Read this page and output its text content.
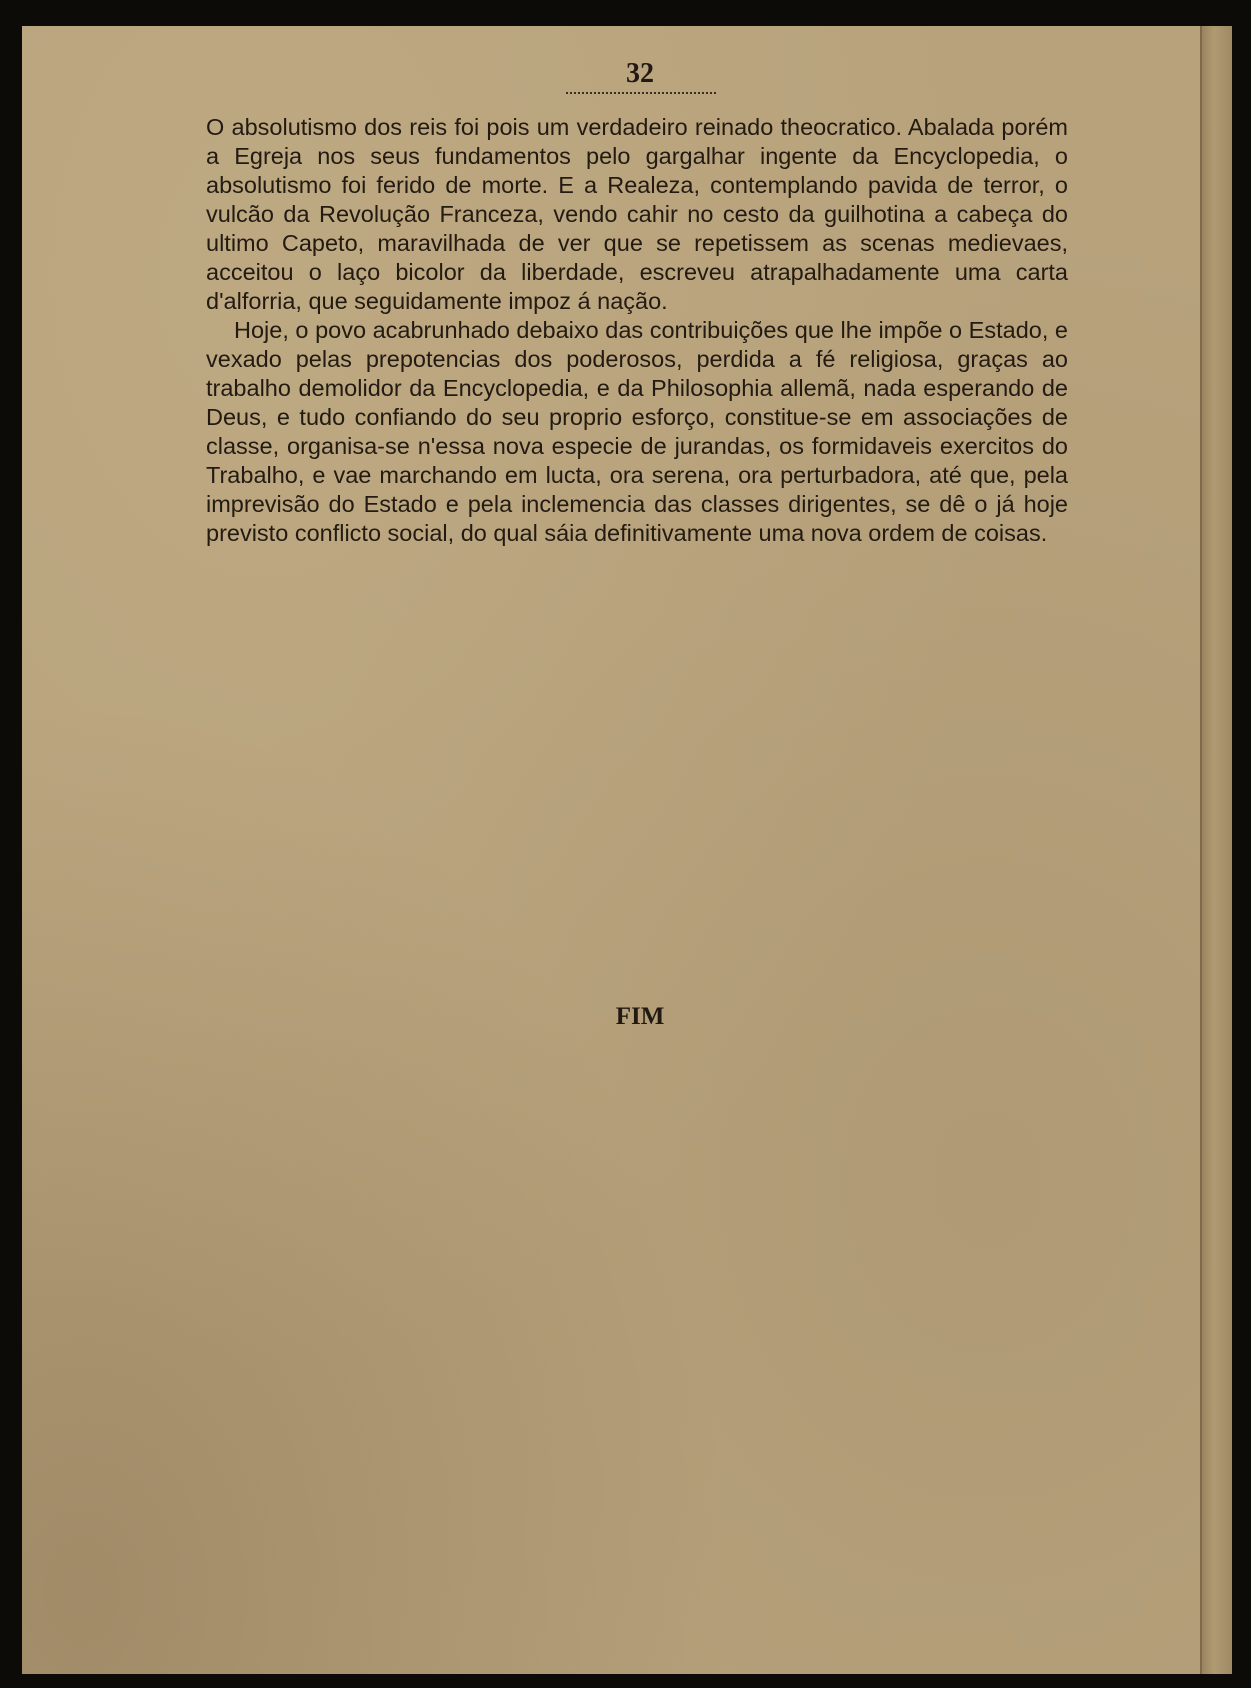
32

O absolutismo dos reis foi pois um verdadeiro reinado theocratico. Abalada porém a Egreja nos seus fundamentos pelo gargalhar ingente da Encyclopedia, o absolutismo foi ferido de morte. E a Realeza, contemplando pavida de terror, o vulcão da Revolução Franceza, vendo cahir no cesto da guilhotina a cabeça do ultimo Capeto, maravilhada de ver que se repetissem as scenas medievaes, acceitou o laço bicolor da liberdade, escreveu atrapalhadamente uma carta d'alforria, que seguidamente impoz á nação.

Hoje, o povo acabrunhado debaixo das contribuições que lhe impõe o Estado, e vexado pelas prepotencias dos poderosos, perdida a fé religiosa, graças ao trabalho demolidor da Encyclopedia, e da Philosophia allemã, nada esperando de Deus, e tudo confiando do seu proprio esforço, constitue-se em associações de classe, organisa-se n'essa nova especie de jurandas, os formidaveis exercitos do Trabalho, e vae marchando em lucta, ora serena, ora perturbadora, até que, pela imprevisão do Estado e pela inclemencia das classes dirigentes, se dê o já hoje previsto conflicto social, do qual sáia definitivamente uma nova ordem de coisas.

FIM
